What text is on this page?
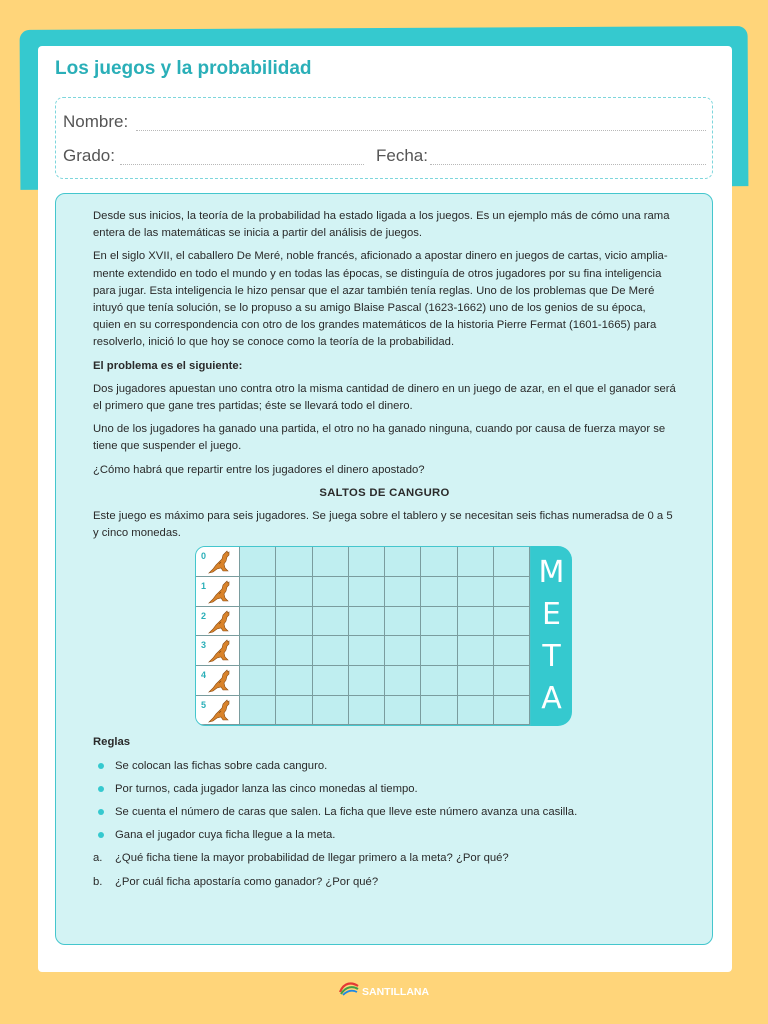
Los juegos y la probabilidad
Nombre:
Grado:	Fecha:

Desde sus inicios, la teoría de la probabilidad ha estado ligada a los juegos. Es un ejemplo más de cómo una rama entera de las matemáticas se inicia a partir del análisis de juegos.

En el siglo XVII, el caballero De Meré, noble francés, aficionado a apostar dinero en juegos de cartas, vicio amplia-mente extendido en todo el mundo y en todas las épocas, se distinguía de otros jugadores por su fina inteligencia para jugar. Esta inteligencia le hizo pensar que el azar también tenía reglas. Uno de los problemas que De Meré intuyó que tenía solución, se lo propuso a su amigo Blaise Pascal (1623-1662) uno de los genios de su época, quien en su correspondencia con otro de los grandes matemáticos de la historia Pierre Fermat (1601-1665) para resolverlo, inició lo que hoy se conoce como la teoría de la probabilidad.

El problema es el siguiente:

Dos jugadores apuestan uno contra otro la misma cantidad de dinero en un juego de azar, en el que el ganador será el primero que gane tres partidas; éste se llevará todo el dinero.

Uno de los jugadores ha ganado una partida, el otro no ha ganado ninguna, cuando por causa de fuerza mayor se tiene que suspender el juego.

¿Cómo habrá que repartir entre los jugadores el dinero apostado?

SALTOS DE CANGURO

Este juego es máximo para seis jugadores. Se juega sobre el tablero y se necesitan seis fichas numeradsa de 0 a 5 y cinco monedas.

0
1
2
3
4
5
M
E
T
A

Reglas

Se colocan las fichas sobre cada canguro.
Por turnos, cada jugador lanza las cinco monedas al tiempo.
Se cuenta el número de caras que salen. La ficha que lleve este número avanza una casilla.
Gana el jugador cuya ficha llegue a la meta.
a. ¿Qué ficha tiene la mayor probabilidad de llegar primero a la meta? ¿Por qué?
b. ¿Por cuál ficha apostaría como ganador? ¿Por qué?
SANTILLANA
